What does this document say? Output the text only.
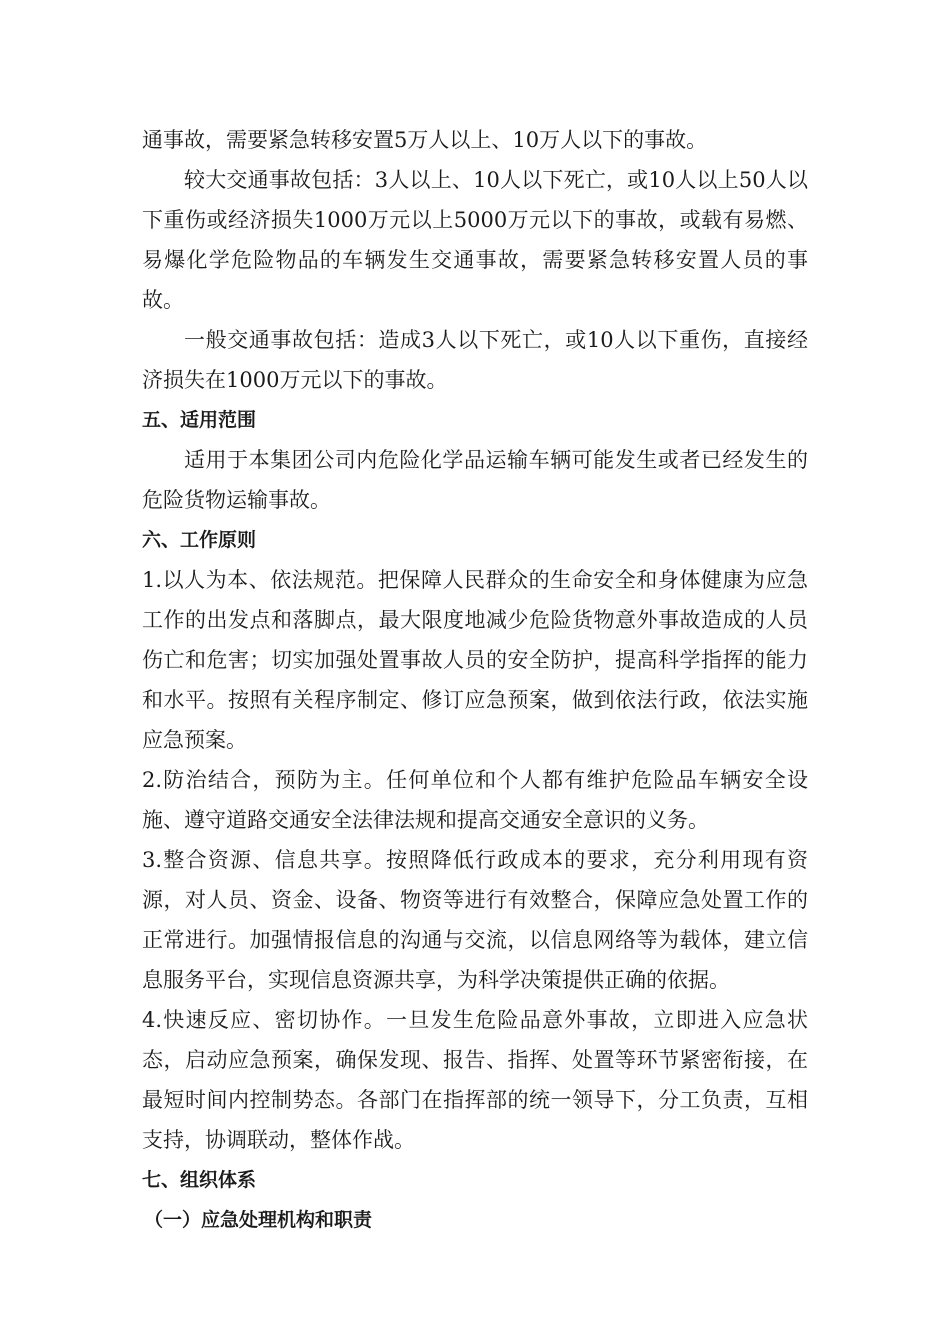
通事故，需要紧急转移安置5万人以上、10万人以下的事故。

较大交通事故包括：3人以上、10人以下死亡，或10人以上50人以下重伤或经济损失1000万元以上5000万元以下的事故，或载有易燃、易爆化学危险物品的车辆发生交通事故，需要紧急转移安置人员的事故。

一般交通事故包括：造成3人以下死亡，或10人以下重伤，直接经济损失在1000万元以下的事故。

五、适用范围

适用于本集团公司内危险化学品运输车辆可能发生或者已经发生的危险货物运输事故。

六、工作原则

1.以人为本、依法规范。把保障人民群众的生命安全和身体健康为应急工作的出发点和落脚点，最大限度地减少危险货物意外事故造成的人员伤亡和危害；切实加强处置事故人员的安全防护，提高科学指挥的能力和水平。按照有关程序制定、修订应急预案，做到依法行政，依法实施应急预案。

2.防治结合，预防为主。任何单位和个人都有维护危险品车辆安全设施、遵守道路交通安全法律法规和提高交通安全意识的义务。

3.整合资源、信息共享。按照降低行政成本的要求，充分利用现有资源，对人员、资金、设备、物资等进行有效整合，保障应急处置工作的正常进行。加强情报信息的沟通与交流，以信息网络等为载体，建立信息服务平台，实现信息资源共享，为科学决策提供正确的依据。

4.快速反应、密切协作。一旦发生危险品意外事故，立即进入应急状态，启动应急预案，确保发现、报告、指挥、处置等环节紧密衔接，在最短时间内控制势态。各部门在指挥部的统一领导下，分工负责，互相支持，协调联动，整体作战。

七、组织体系

（一）应急处理机构和职责
